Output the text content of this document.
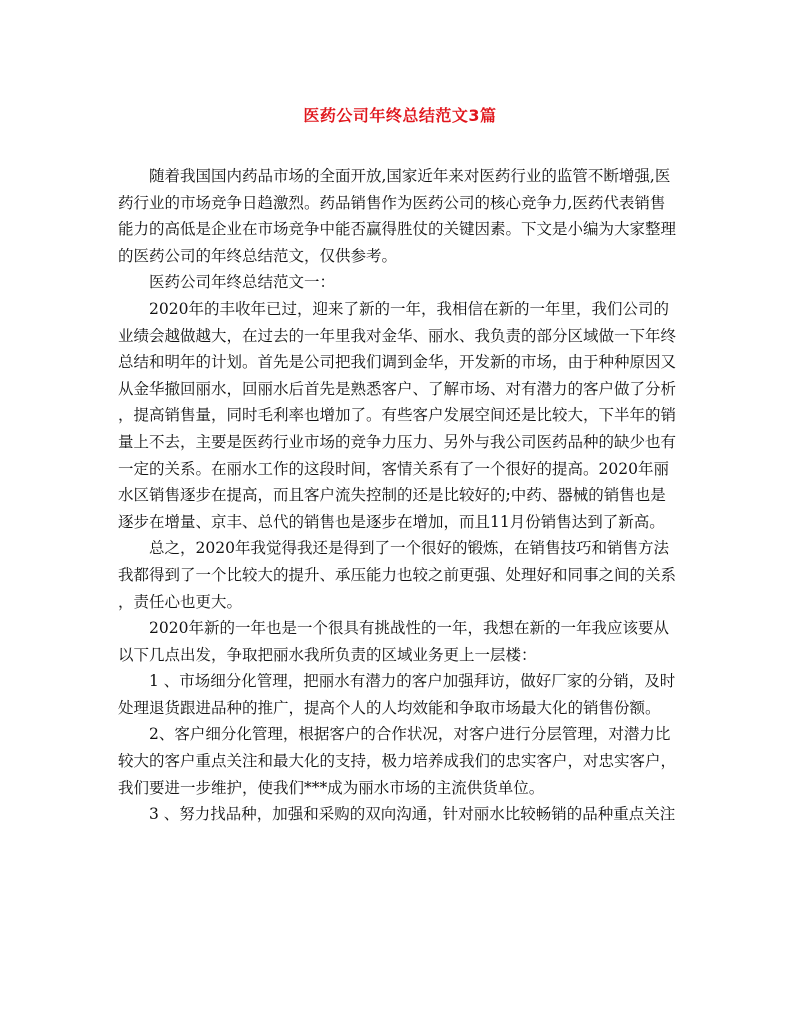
医药公司年终总结范文3篇
随着我国国内药品市场的全面开放,国家近年来对医药行业的监管不断增强,医
药行业的市场竞争日趋激烈。药品销售作为医药公司的核心竞争力,医药代表销售
能力的高低是企业在市场竞争中能否赢得胜仗的关键因素。下文是小编为大家整理
的医药公司的年终总结范文，仅供参考。
医药公司年终总结范文一：
2020年的丰收年已过，迎来了新的一年，我相信在新的一年里，我们公司的
业绩会越做越大，在过去的一年里我对金华、丽水、我负责的部分区域做一下年终
总结和明年的计划。首先是公司把我们调到金华，开发新的市场，由于种种原因又
从金华撤回丽水，回丽水后首先是熟悉客户、了解市场、对有潜力的客户做了分析
，提高销售量，同时毛利率也增加了。有些客户发展空间还是比较大，下半年的销
量上不去，主要是医药行业市场的竞争力压力、另外与我公司医药品种的缺少也有
一定的关系。在丽水工作的这段时间，客情关系有了一个很好的提高。2020年丽
水区销售逐步在提高，而且客户流失控制的还是比较好的;中药、器械的销售也是
逐步在增量、京丰、总代的销售也是逐步在增加，而且11月份销售达到了新高。
总之，2020年我觉得我还是得到了一个很好的锻炼，在销售技巧和销售方法
我都得到了一个比较大的提升、承压能力也较之前更强、处理好和同事之间的关系
，责任心也更大。
2020年新的一年也是一个很具有挑战性的一年，我想在新的一年我应该要从
以下几点出发，争取把丽水我所负责的区域业务更上一层楼：
1 、市场细分化管理，把丽水有潜力的客户加强拜访，做好厂家的分销，及时
处理退货跟进品种的推广，提高个人的人均效能和争取市场最大化的销售份额。
2、客户细分化管理，根据客户的合作状况，对客户进行分层管理，对潜力比
较大的客户重点关注和最大化的支持，极力培养成我们的忠实客户，对忠实客户，
我们要进一步维护，使我们***成为丽水市场的主流供货单位。
3 、努力找品种，加强和采购的双向沟通，针对丽水比较畅销的品种重点关注
